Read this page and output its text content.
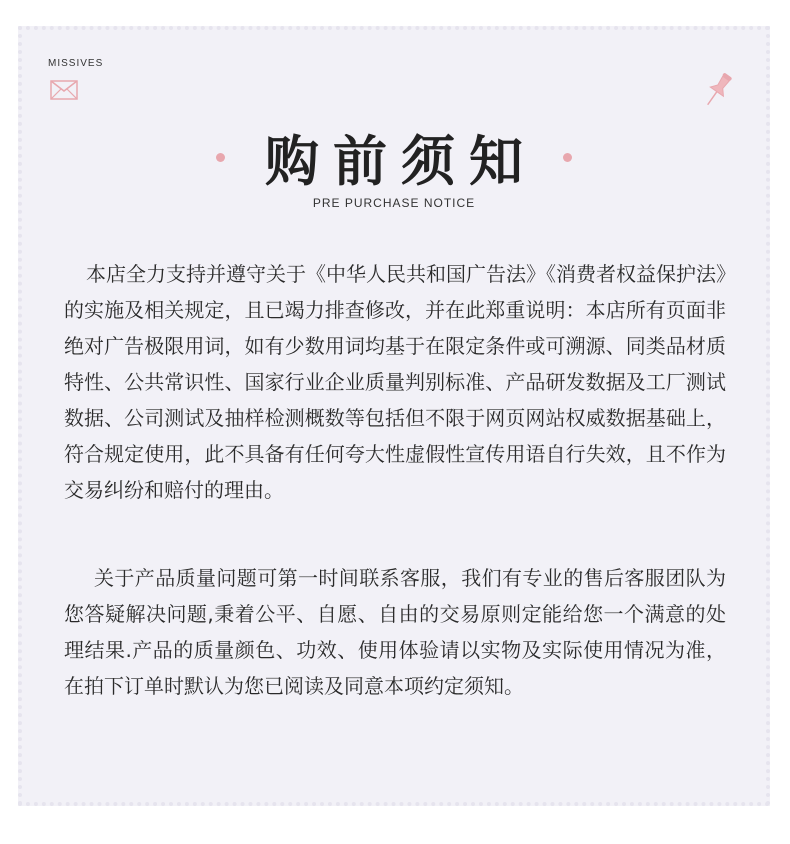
MISSIVES
购前须知
PRE PURCHASE NOTICE

本店全力支持并遵守关于《中华人民共和国广告法》《消费者权益保护法》的实施及相关规定，且已竭力排查修改，并在此郑重说明：本店所有页面非绝对广告极限用词，如有少数用词均基于在限定条件或可溯源、同类品材质特性、公共常识性、国家行业企业质量判别标准、产品研发数据及工厂测试数据、公司测试及抽样检测概数等包括但不限于网页网站权威数据基础上，符合规定使用，此不具备有任何夸大性虚假性宣传用语自行失效，且不作为交易纠纷和赔付的理由。

关于产品质量问题可第一时间联系客服，我们有专业的售后客服团队为您答疑解决问题,秉着公平、自愿、自由的交易原则定能给您一个满意的处理结果.产品的质量颜色、功效、使用体验请以实物及实际使用情况为准，在拍下订单时默认为您已阅读及同意本项约定须知。
